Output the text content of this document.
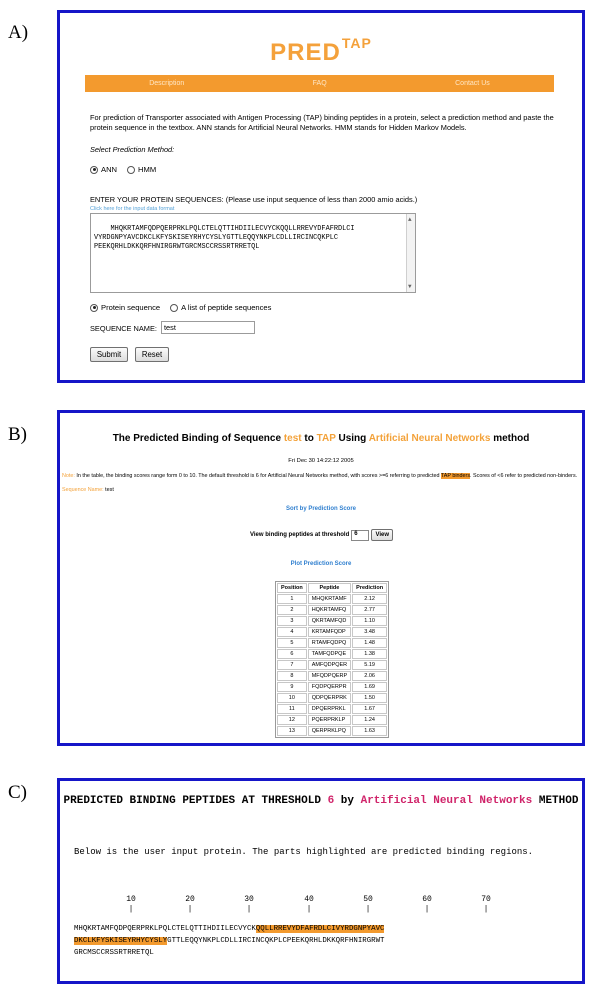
A)
B)
C)
$PRED^{TAP}$
Description	FAQ	Contact Us
For prediction of Transporter associated with Antigen Processing (TAP) binding peptides in a protein, select a prediction method and paste the protein sequence in the textbox. ANN stands for Artificial Neural Networks. HMM stands for Hidden Markov Models.
Select Prediction Method:
ANN	HMM
ENTER YOUR PROTEIN SEQUENCES: (Please use input sequence of less than 2000 amio acids.)
Click here for the input data format

MHQKRTAMFQDPQERPRKLPQLCTELQTTIHDIILECVYCKQQLLRREVYDFAFRDLCI
VYRDGNPYAVCDKCLKFYSKISEYRHYCYSLYGTTLEQQYNKPLCDLLIRCINCQKPLC
PEEKQRHLDKKQRFHNIRGRWTGRCMSCCRSSRTRRETQL

▲

▼

Protein sequence	A list of peptide sequences
SEQUENCE NAME: test
Submit	Reset
The Predicted Binding of Sequence test to TAP Using Artificial Neural Networks method
Fri Dec 30 14:22:12 2005
Note: In the table, the binding scores range form 0 to 10. The default threshold is 6 for Artificial Neural Networks method, with scores >=6 referring to predicted TAP binders. Scores of <6 refer to predicted non-binders.
Sequence Name: test
Sort by Prediction Score
View binding peptides at threshold 6	View
Plot Prediction Score
Position	Peptide	Prediction
1	MHQKRTAMF	2.12
2	HQKRTAMFQ	2.77
3	QKRTAMFQD	1.10
4	KRTAMFQDP	3.48
5	RTAMFQDPQ	1.48
6	TAMFQDPQE	1.38
7	AMFQDPQER	5.19
8	MFQDPQERP	2.06
9	FQDPQERPR	1.69
10	QDPQERPRK	1.50
11	DPQERPRKL	1.67
12	PQERPRKLP	1.24
13	QERPRKLPQ	1.63
PREDICTED BINDING PEPTIDES AT THRESHOLD 6 by Artificial Neural Networks METHOD
Below is the user input protein. The parts highlighted are predicted binding regions.
10
|
20
|
30
|
40
|
50
|
60
|
70
|
MHQKRTAMFQDPQERPRKLPQLCTELQTTIHDIILECVYCKQQLLRREVYDFAFRDLCIVYRDGNPYAVC
DKCLKFYSKISEYRHYCYSLYGTTLEQQYNKPLCDLLIRCINCQKPLCPEEKQRHLDKKQRFHNIRGRWT
GRCMSCCRSSRTRRETQL
